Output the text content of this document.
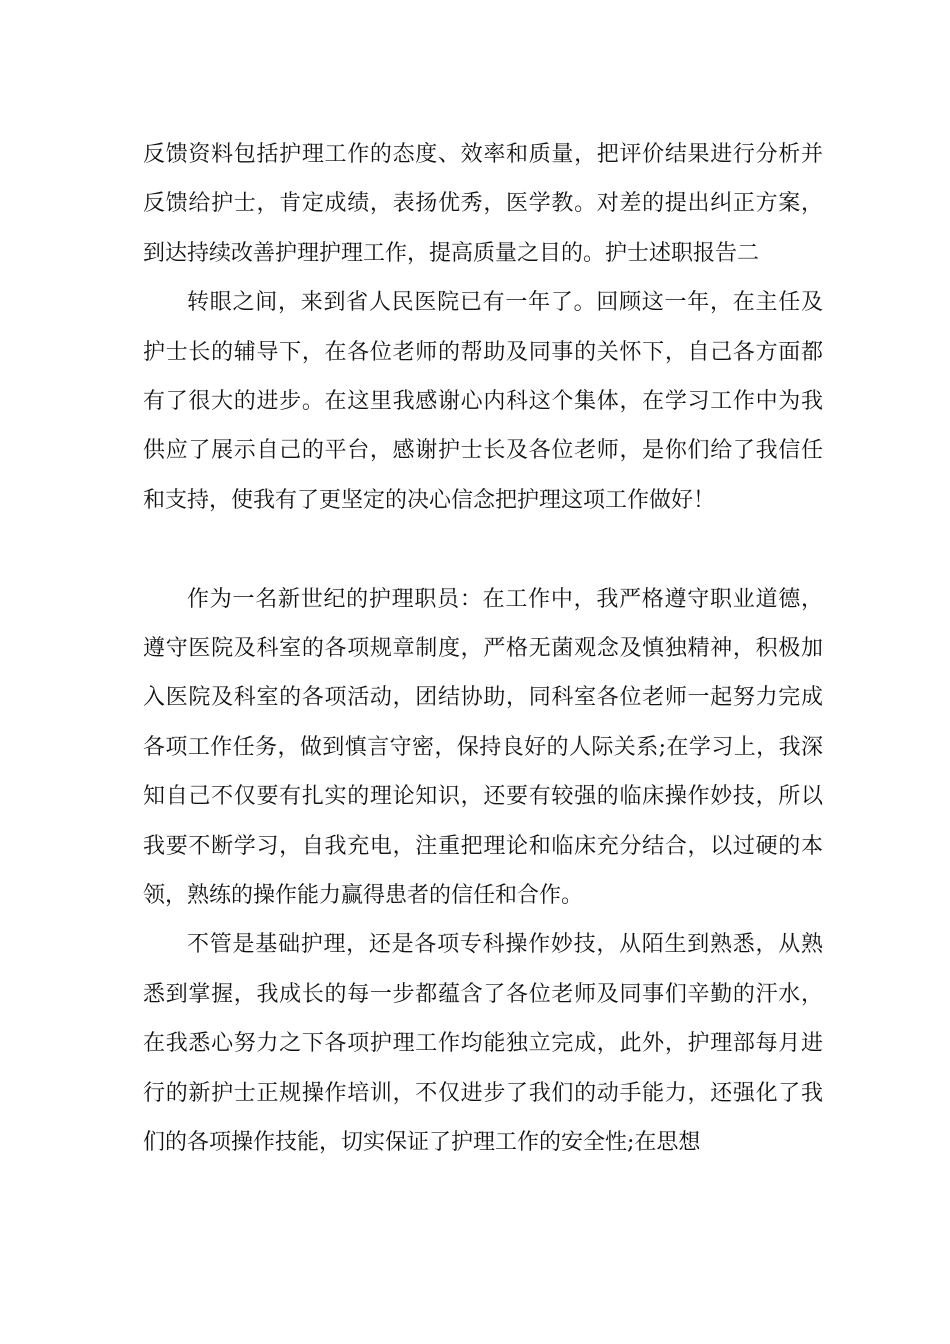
反馈资料包括护理工作的态度、效率和质量，把评价结果进行分析并反馈给护士，肯定成绩，表扬优秀，医学教。对差的提出纠正方案，到达持续改善护理护理工作，提高质量之目的。护士述职报告二

转眼之间，来到省人民医院已有一年了。回顾这一年，在主任及护士长的辅导下，在各位老师的帮助及同事的关怀下，自己各方面都有了很大的进步。在这里我感谢心内科这个集体，在学习工作中为我供应了展示自己的平台，感谢护士长及各位老师，是你们给了我信任和支持，使我有了更坚定的决心信念把护理这项工作做好！

作为一名新世纪的护理职员：在工作中，我严格遵守职业道德，遵守医院及科室的各项规章制度，严格无菌观念及慎独精神，积极加入医院及科室的各项活动，团结协助，同科室各位老师一起努力完成各项工作任务，做到慎言守密，保持良好的人际关系;在学习上，我深知自己不仅要有扎实的理论知识，还要有较强的临床操作妙技，所以我要不断学习，自我充电，注重把理论和临床充分结合，以过硬的本领，熟练的操作能力赢得患者的信任和合作。

不管是基础护理，还是各项专科操作妙技，从陌生到熟悉，从熟悉到掌握，我成长的每一步都蕴含了各位老师及同事们辛勤的汗水，在我悉心努力之下各项护理工作均能独立完成，此外，护理部每月进行的新护士正规操作培训，不仅进步了我们的动手能力，还强化了我们的各项操作技能，切实保证了护理工作的安全性;在思想
